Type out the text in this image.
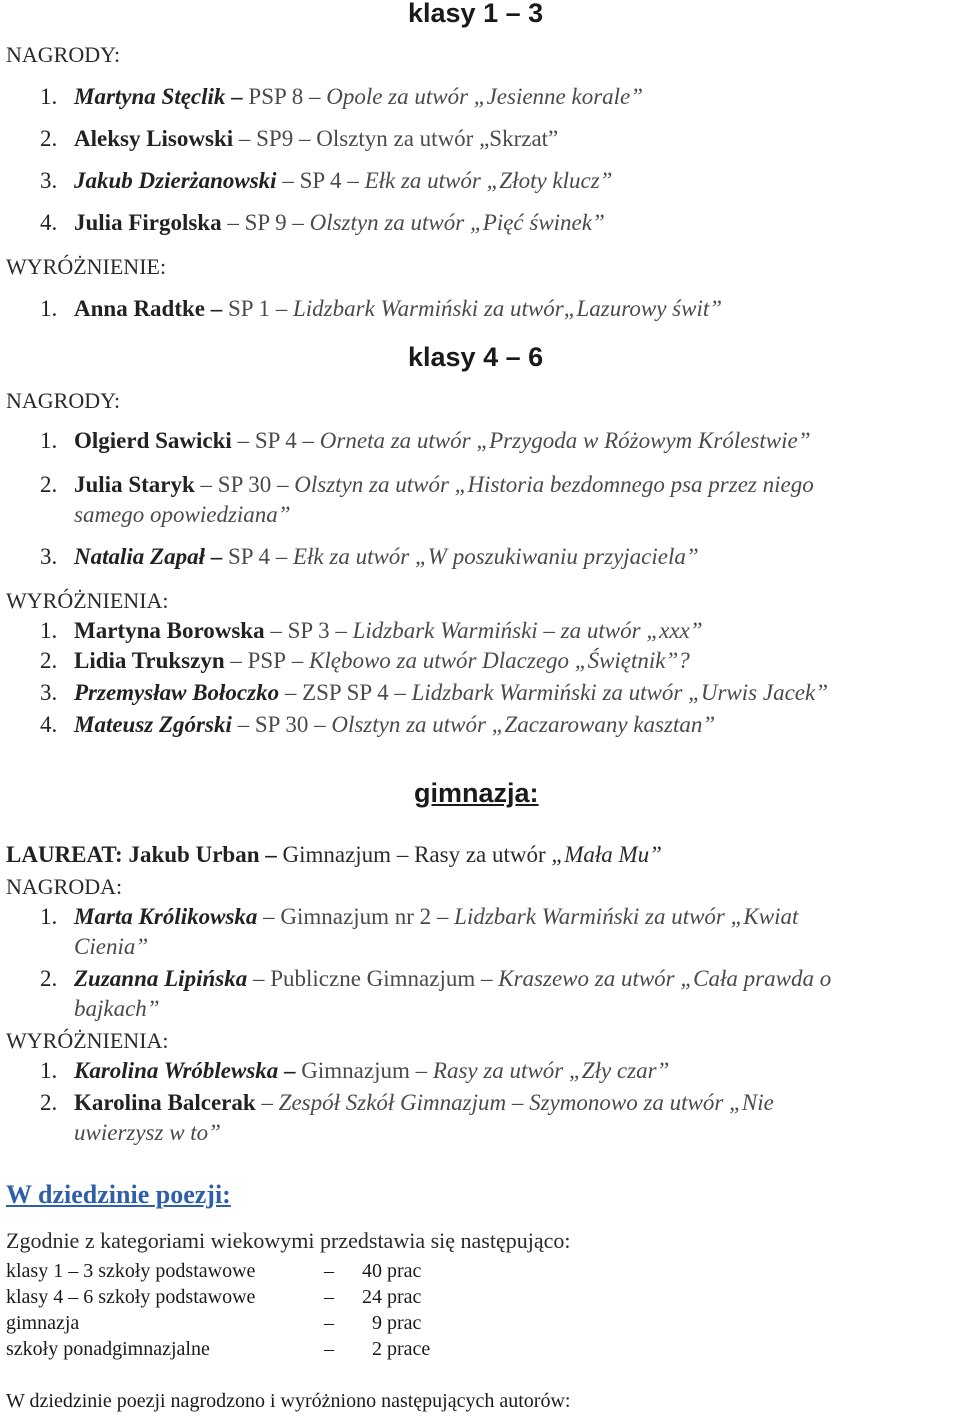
klasy 1 – 3
NAGRODY:
1. Martyna Stęclik – PSP 8 – Opole za utwór „Jesienne korale”
2. Aleksy Lisowski – SP9 – Olsztyn za utwór „Skrzat”
3. Jakub Dzierżanowski – SP 4 – Ełk za utwór „Złoty klucz”
4. Julia Firgolska – SP 9 – Olsztyn za utwór „Pięć świnek”
WYRÓŻNIENIE:
1. Anna Radtke – SP 1 – Lidzbark Warmiński za utwór„Lazurowy świt”
klasy 4 – 6
NAGRODY:
1. Olgierd Sawicki – SP 4 – Orneta za utwór „Przygoda w Różowym Królestwie”
2. Julia Staryk – SP 30 – Olsztyn za utwór „Historia bezdomnego psa przez niego
samego opowiedziana”
3. Natalia Zapał – SP 4 – Ełk za utwór „W poszukiwaniu przyjaciela”
WYRÓŻNIENIA:
1. Martyna Borowska – SP 3 – Lidzbark Warmiński – za utwór „xxx”
2. Lidia Trukszyn – PSP – Klębowo za utwór Dlaczego „Świętnik”?
3. Przemysław Bołoczko – ZSP SP 4 – Lidzbark Warmiński za utwór „Urwis Jacek”
4. Mateusz Zgórski – SP 30 – Olsztyn za utwór „Zaczarowany kasztan”
gimnazja:
LAUREAT: Jakub Urban – Gimnazjum – Rasy za utwór „Mała Mu”
NAGRODA:
1. Marta Królikowska – Gimnazjum nr 2 – Lidzbark Warmiński za utwór „Kwiat
Cienia”
2. Zuzanna Lipińska – Publiczne Gimnazjum – Kraszewo za utwór „Cała prawda o
bajkach”
WYRÓŻNIENIA:
1. Karolina Wróblewska – Gimnazjum – Rasy za utwór „Zły czar”
2. Karolina Balcerak – Zespół Szkół Gimnazjum – Szymonowo za utwór „Nie
uwierzysz w to”
W dziedzinie poezji:
Zgodnie z kategoriami wiekowymi przedstawia się następująco:
klasy 1 – 3 szkoły podstawowe	– 40 prac
klasy 4 – 6 szkoły podstawowe	– 24 prac
gimnazja	– 9 prac
szkoły ponadgimnazjalne	– 2 prace
W dziedzinie poezji nagrodzono i wyróżniono następujących autorów:
